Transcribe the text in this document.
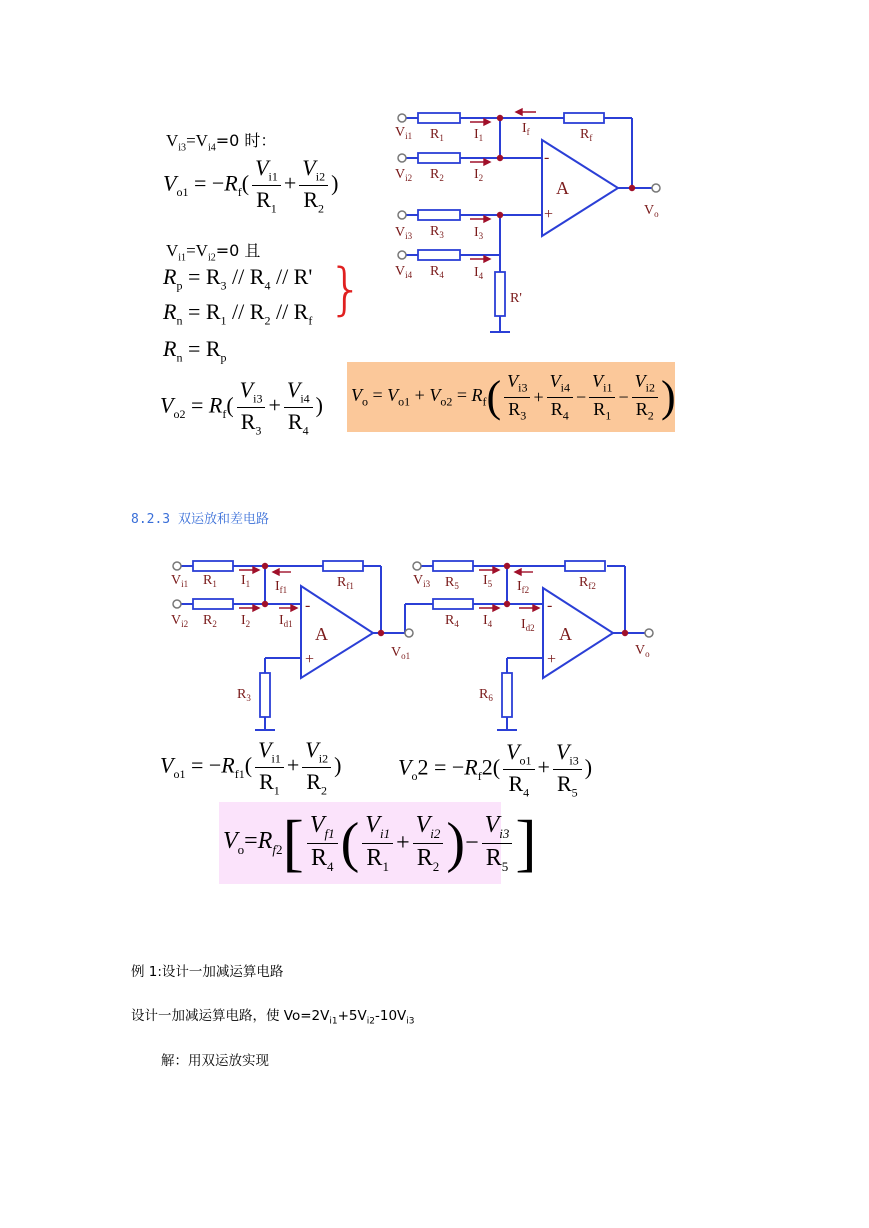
$V_{i3}=V_{i4}=0$ 时：
$V_{o1} = -R_f( \frac{V_{i1}}{R_1} + \frac{V_{i2}}{R_2}$ )
$V_{i1}=V_{i2}=0$ 且
$R_p = R_3 // R_4 // R'$
$R_n = R_1 // R_2 // R_f$ }
$R_n = R_p$
$V_{o2} = R_f( \frac{V_{i3}}{R_3} + \frac{V_{i4}}{R_4}$ ) $V_o = V_{o1} + V_{o2} = R_f$ ( $\frac{V_{i3}}{R_3} + \frac{V_{i4}}{R_4} - \frac{V_{i1}}{R_1} - \frac{V_{i2}}{R_2}$ )
$V_{i1}$
$V_{i2}$
$V_{i3}$
$V_{i4}$
$R_1$
$R_2$
$R_3$
$R_4$
$R_f$
$I_1$
$I_2$
$I_3$
$I_4$
$I_f$
R'
A
-
+	$V_o$
8.2.3 双运放和差电路
$V_{i1}$
$V_{i2}$
$R_1$
$R_2$
$I_1$
$I_2$
$I_{f1}$
$I_{d1}$
$R_{f1}$
$R_3$
A
-
+	$V_{o1}$
$V_{i3}$ $R_5$
$R_4$
$I_5$
$I_4$
$I_{f2}$
$I_{d2}$
$R_{f2}$
$R_6$
A
-
+
$V_o$
$V_{o1} = -R_{f1}( \frac{V_{i1}}{R_1} + \frac{V_{i2}}{R_2}$ )	$V_o2 = -R_f2( \frac{V_{o1}}{R_4} + \frac{V_{i3}}{R_5}$ )
$V_o=R_{f2}$ [ $\frac{V_{f1}}{R_4}$ ( $\frac{V_{i1}}{R_1} + \frac{V_{i2}}{R_2}$ ) − $\frac{V_{i3}}{R_5}$ ]
例 1:设计一加减运算电路
设计一加减运算电路，使 $Vo=2V_{i1}+5V_{i2}-10V_{i3}$
解：用双运放实现
